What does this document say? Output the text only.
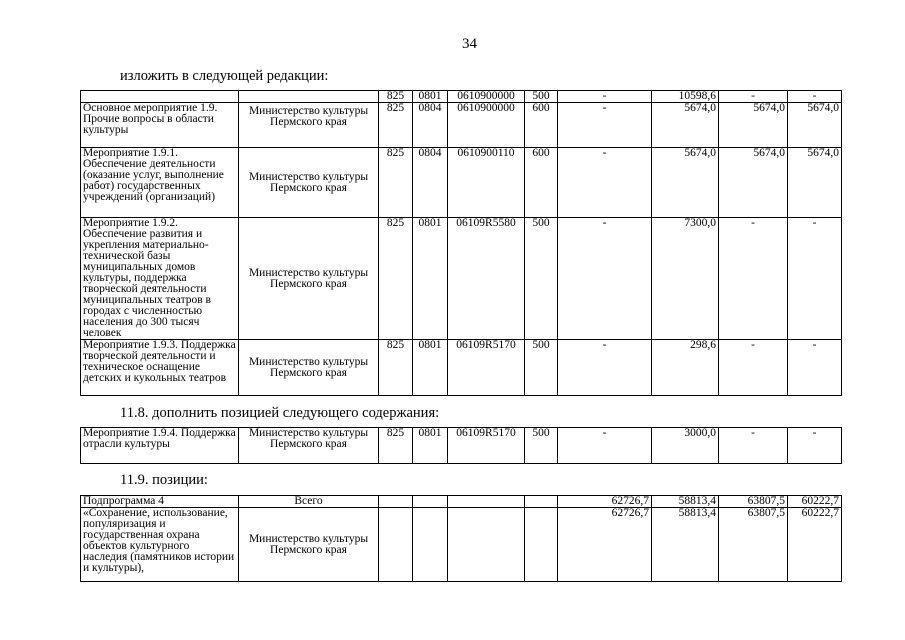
34
изложить в следующей редакции:
		825	0801	0610900000	500	-	10598,6	-	-
Основное мероприятие 1.9. Прочие вопросы в области культуры	Министерство культуры Пермского края	825	0804	0610900000	600	-	5674,0	5674,0	5674,0
Мероприятие 1.9.1. Обеспечение деятельности (оказание услуг, выполнение работ) государственных учреждений (организаций)	Министерство культуры Пермского края	825	0804	0610900110	600	-	5674,0	5674,0	5674,0
Мероприятие 1.9.2. Обеспечение развития и укрепления материально-технической базы муниципальных домов культуры, поддержка творческой деятельности муниципальных театров в городах с численностью населения до 300 тысяч человек	Министерство культуры Пермского края	825	0801	06109R5580	500	-	7300,0	-	-
Мероприятие 1.9.3. Поддержка творческой деятельности и техническое оснащение детских и кукольных театров	Министерство культуры Пермского края	825	0801	06109R5170	500	-	298,6	-	-
11.8. дополнить позицией следующего содержания:
Мероприятие 1.9.4. Поддержка отрасли культуры	Министерство культуры Пермского края	825	0801	06109R5170	500	-	3000,0	-	-
11.9. позиции:
Подпрограмма 4	Всего					62726,7	58813,4	63807,5	60222,7
«Сохранение, использование, популяризация и государственная охрана объектов культурного наследия (памятников истории и культуры),	Министерство культуры Пермского края					62726,7	58813,4	63807,5	60222,7
